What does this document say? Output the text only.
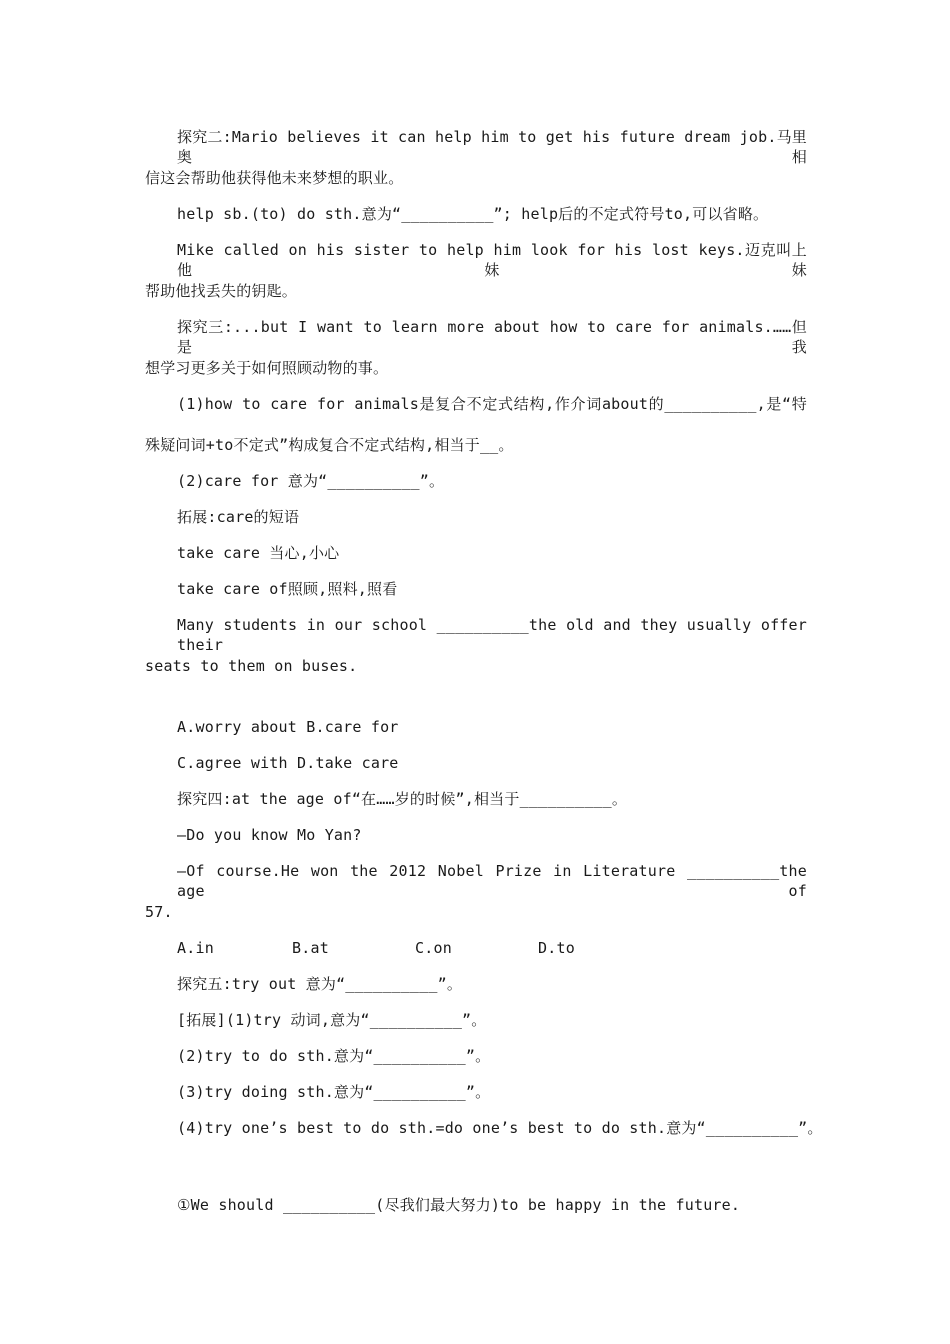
探究二:Mario believes it can help him to get his future dream job.马里奥相
信这会帮助他获得他未来梦想的职业。
help sb.(to) do sth.意为“__________”; help后的不定式符号to,可以省略。
Mike called on his sister to help him look for his lost keys.迈克叫上他妹妹
帮助他找丢失的钥匙。
探究三:...but I want to learn more about how to care for animals.……但是我
想学习更多关于如何照顾动物的事。
(1)how to care for animals是复合不定式结构,作介词about的__________,是“特
殊疑问词+to不定式”构成复合不定式结构,相当于__。
(2)care for 意为“__________”。
拓展:care的短语
take care 当心,小心
take care of照顾,照料,照看
Many students in our school __________the old and they usually offer their
seats to them on buses.
A.worry about B.care for
C.agree with D.take care
探究四:at the age of“在……岁的时候”,相当于__________。
—Do you know Mo Yan?
—Of course.He won the 2012 Nobel Prize in Literature __________the age of
57.
A.in	B.at	C.on	D.to
探究五:try out 意为“__________”。
[拓展](1)try 动词,意为“__________”。
(2)try to do sth.意为“__________”。
(3)try doing sth.意为“__________”。
(4)try one’s best to do sth.=do one’s best to do sth.意为“__________”。
①We should __________(尽我们最大努力)to be happy in the future.
